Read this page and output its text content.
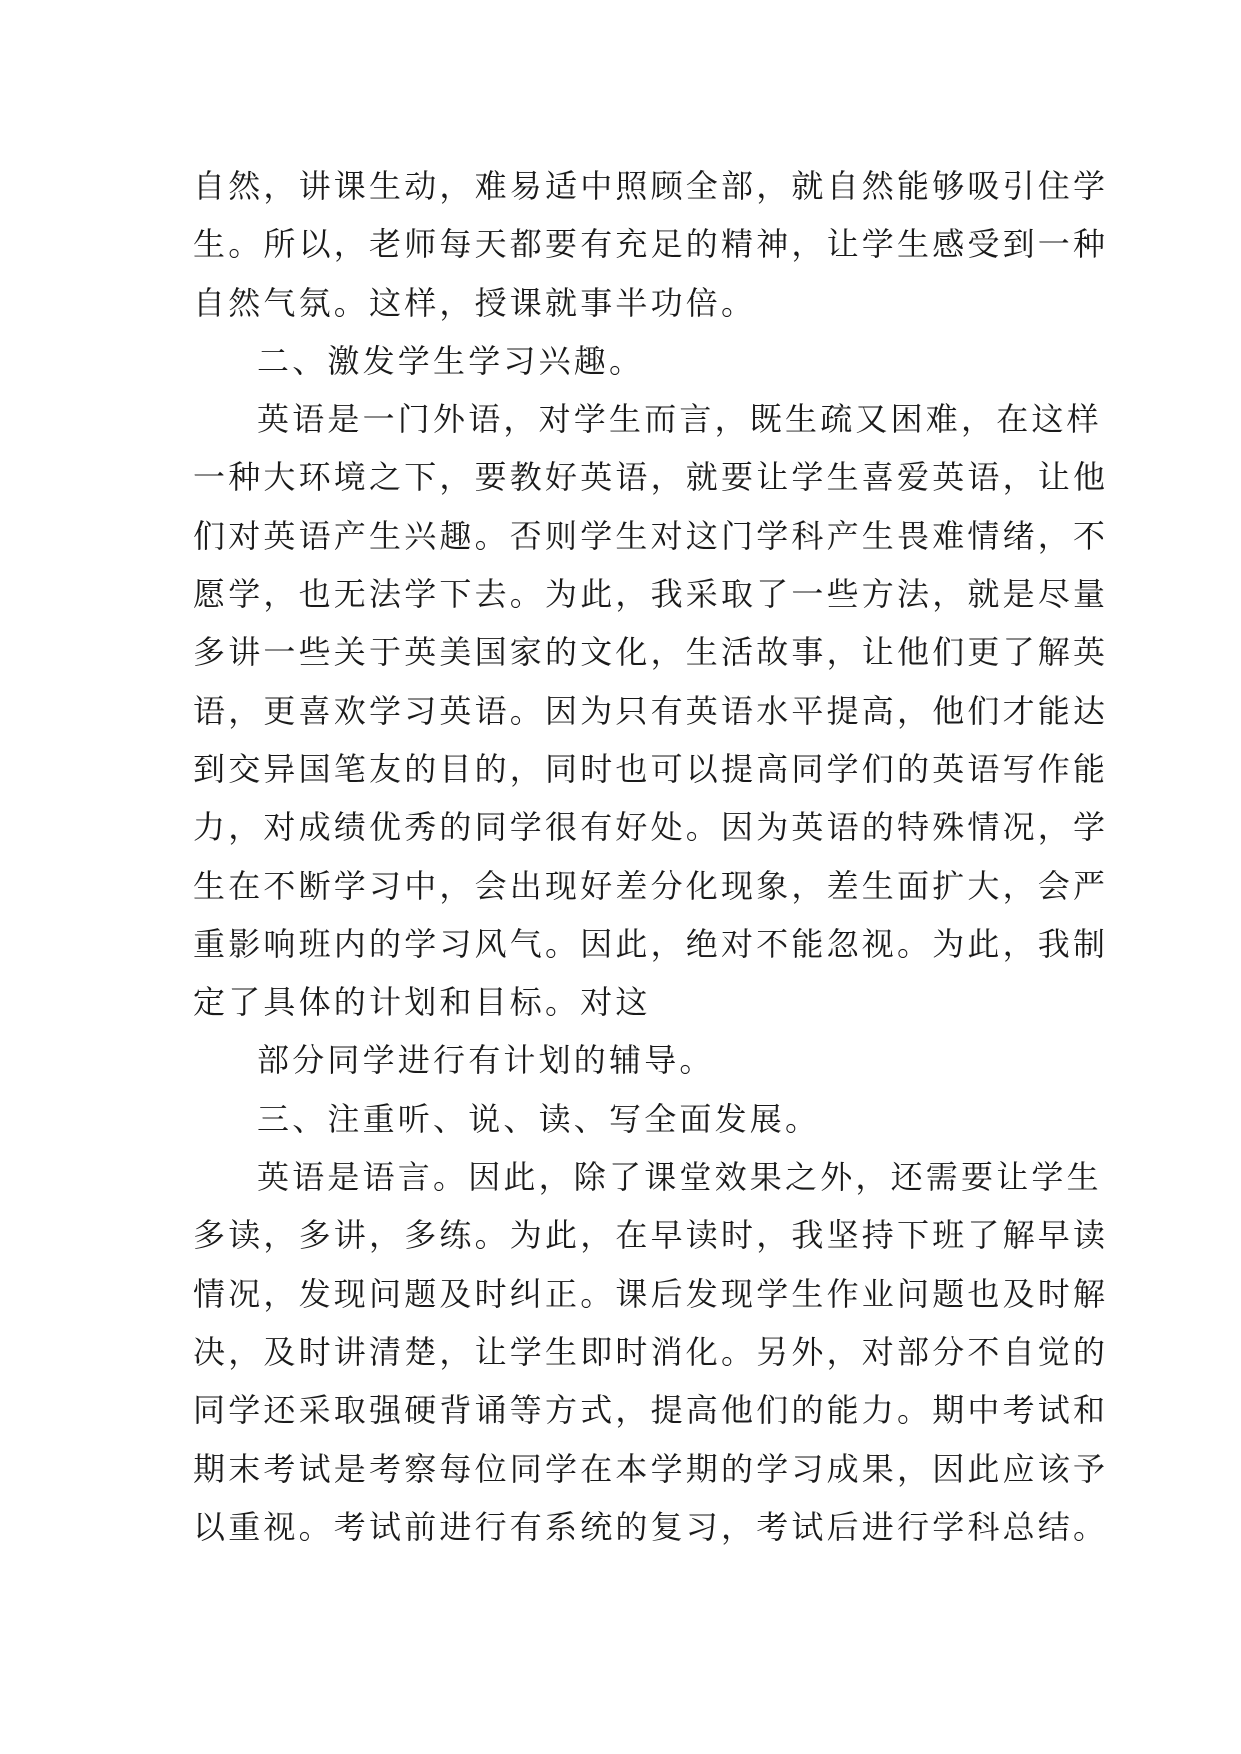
自然，讲课生动，难易适中照顾全部，就自然能够吸引住学
生。所以，老师每天都要有充足的精神，让学生感受到一种
自然气氛。这样，授课就事半功倍。
二、激发学生学习兴趣。
英语是一门外语，对学生而言，既生疏又困难，在这样
一种大环境之下，要教好英语，就要让学生喜爱英语，让他
们对英语产生兴趣。否则学生对这门学科产生畏难情绪，不
愿学，也无法学下去。为此，我采取了一些方法，就是尽量
多讲一些关于英美国家的文化，生活故事，让他们更了解英
语，更喜欢学习英语。因为只有英语水平提高，他们才能达
到交异国笔友的目的，同时也可以提高同学们的英语写作能
力，对成绩优秀的同学很有好处。因为英语的特殊情况，学
生在不断学习中，会出现好差分化现象，差生面扩大，会严
重影响班内的学习风气。因此，绝对不能忽视。为此，我制
定了具体的计划和目标。对这
部分同学进行有计划的辅导。
三、注重听、说、读、写全面发展。
英语是语言。因此，除了课堂效果之外，还需要让学生
多读，多讲，多练。为此，在早读时，我坚持下班了解早读
情况，发现问题及时纠正。课后发现学生作业问题也及时解
决，及时讲清楚，让学生即时消化。另外，对部分不自觉的
同学还采取强硬背诵等方式，提高他们的能力。期中考试和
期末考试是考察每位同学在本学期的学习成果，因此应该予
以重视。考试前进行有系统的复习，考试后进行学科总结。
